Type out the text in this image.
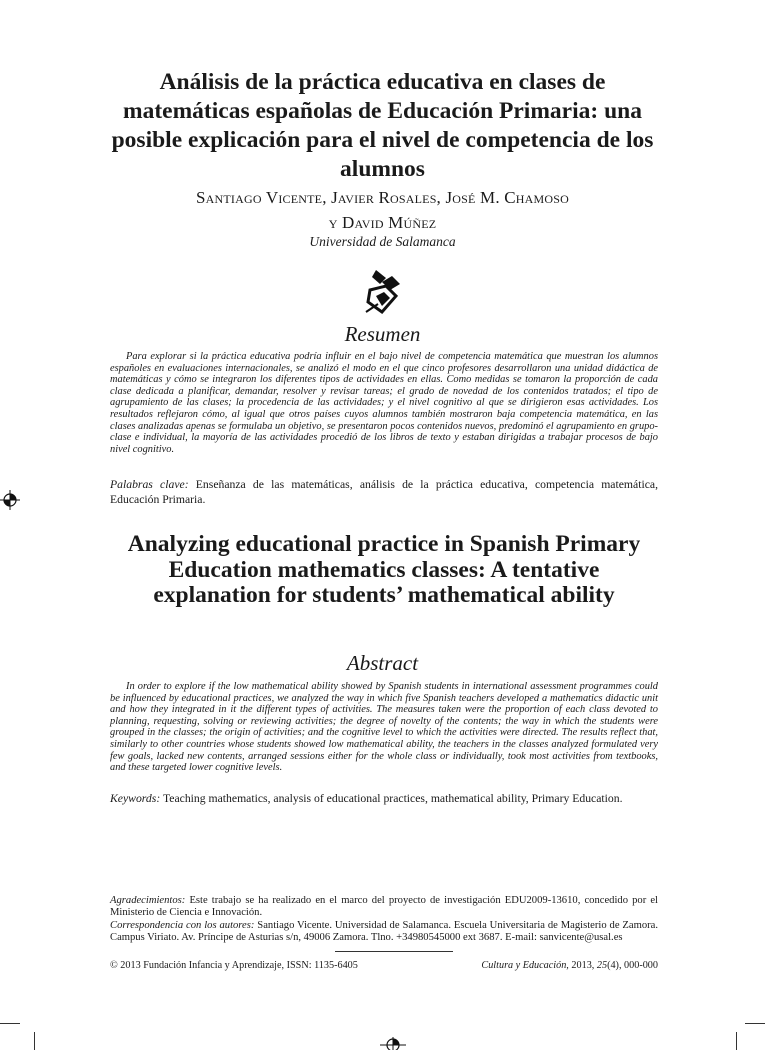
Análisis de la práctica educativa en clases de matemáticas españolas de Educación Primaria: una posible explicación para el nivel de competencia de los alumnos
Santiago Vicente, Javier Rosales, José M. Chamoso
y David Múñez
Universidad de Salamanca
Resumen
Para explorar si la práctica educativa podría influir en el bajo nivel de competencia matemática que muestran los alumnos españoles en evaluaciones internacionales, se analizó el modo en el que cinco profesores desarrollaron una unidad didáctica de matemáticas y cómo se integraron los diferentes tipos de actividades en ellas. Como medidas se tomaron la proporción de cada clase dedicada a planificar, demandar, resolver y revisar tareas; el grado de novedad de los contenidos tratados; el tipo de agrupamiento de las clases; la procedencia de las actividades; y el nivel cognitivo al que se dirigieron esas actividades. Los resultados reflejaron cómo, al igual que otros países cuyos alumnos también mostraron baja competencia matemática, en las clases analizadas apenas se formulaba un objetivo, se presentaron pocos contenidos nuevos, predominó el agrupamiento en grupo-clase e individual, la mayoría de las actividades procedió de los libros de texto y estaban dirigidas a trabajar procesos de bajo nivel cognitivo.
Palabras clave: Enseñanza de las matemáticas, análisis de la práctica educativa, competencia matemática, Educación Primaria.
Analyzing educational practice in Spanish Primary Education mathematics classes: A tentative explanation for students’ mathematical ability
Abstract
In order to explore if the low mathematical ability showed by Spanish students in international assessment programmes could be influenced by educational practices, we analyzed the way in which five Spanish teachers developed a mathematics didactic unit and how they integrated in it the different types of activities. The measures taken were the proportion of each class devoted to planning, requesting, solving or reviewing activities; the degree of novelty of the contents; the way in which the students were grouped in the classes; the origin of activities; and the cognitive level to which the activities were directed. The results reflect that, similarly to other countries whose students showed low mathematical ability, the teachers in the classes analyzed formulated very few goals, lacked new contents, arranged sessions either for the whole class or individually, took most activities from textbooks, and these targeted lower cognitive levels.
Keywords: Teaching mathematics, analysis of educational practices, mathematical ability, Primary Education.
Agradecimientos: Este trabajo se ha realizado en el marco del proyecto de investigación EDU2009-13610, concedido por el Ministerio de Ciencia e Innovación.
Correspondencia con los autores: Santiago Vicente. Universidad de Salamanca. Escuela Universitaria de Magisterio de Zamora. Campus Viriato. Av. Príncipe de Asturias s/n, 49006 Zamora. Tlno. +34980545000 ext 3687. E-mail: sanvicente@usal.es
© 2013 Fundación Infancia y Aprendizaje, ISSN: 1135-6405	Cultura y Educación, 2013, 25(4), 000-000
